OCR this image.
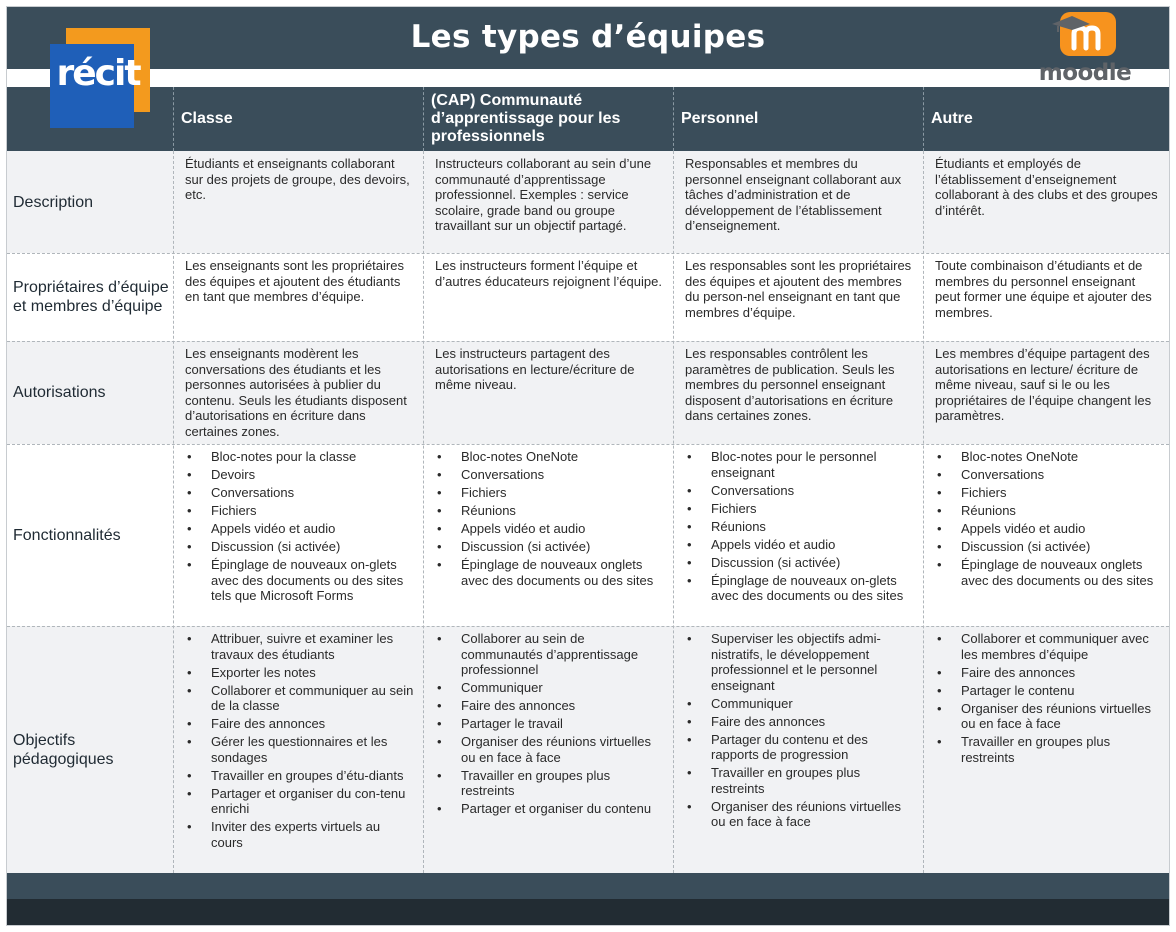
Les types d’équipes
Classe
(CAP) Communauté d’apprentissage pour les professionnels
Personnel	Autre
Description

Étudiants et enseignants collaborant sur des projets de groupe, des devoirs, etc.

Instructeurs collaborant au sein d’une communauté d’apprentissage professionnel. Exemples : service scolaire, grade band ou groupe travaillant sur un objectif partagé.

Responsables et membres du personnel enseignant collaborant aux tâches d’administration et de développement de l’établissement d’enseignement.

Étudiants et employés de l’établissement d’enseignement collaborant à des clubs et des groupes d’intérêt.

Propriétaires d’équipe et membres d’équipe

Les enseignants sont les propriétaires des équipes et ajoutent des étudiants en tant que membres d’équipe.

Les instructeurs forment l’équipe et d’autres éducateurs rejoignent l’équipe.

Les responsables sont les propriétaires des équipes et ajoutent des membres du person-nel enseignant en tant que membres d’équipe.

Toute combinaison d’étudiants et de membres du personnel enseignant peut former une équipe et ajouter des membres.

Autorisations

Les enseignants modèrent les conversations des étudiants et les personnes autorisées à publier du contenu. Seuls les étudiants disposent d’autorisations en écriture dans certaines zones.

Les instructeurs partagent des autorisations en lecture/écriture de même niveau.

Les responsables contrôlent les paramètres de publication. Seuls les membres du personnel enseignant disposent d’autorisations en écriture dans certaines zones.

Les membres d’équipe partagent des autorisations en lecture/ écriture de même niveau, sauf si le ou les propriétaires de l’équipe changent les paramètres.

Fonctionnalités
• Bloc-notes pour la classe
• Devoirs
• Conversations
• Fichiers
• Appels vidéo et audio
• Discussion (si activée)
• Épinglage de nouveaux on-glets avec des documents ou des sites tels que Microsoft Forms
• Bloc-notes OneNote
• Conversations
• Fichiers
• Réunions
• Appels vidéo et audio
• Discussion (si activée)
• Épinglage de nouveaux onglets avec des documents ou des sites
• Bloc-notes pour le personnel enseignant
• Conversations
• Fichiers
• Réunions
• Appels vidéo et audio
• Discussion (si activée)
• Épinglage de nouveaux on-glets avec des documents ou des sites
• Bloc-notes OneNote
• Conversations
• Fichiers
• Réunions
• Appels vidéo et audio
• Discussion (si activée)
• Épinglage de nouveaux onglets avec des documents ou des sites
Objectifs pédagogiques
• Attribuer, suivre et examiner les travaux des étudiants
• Exporter les notes
• Collaborer et communiquer au sein de la classe
• Faire des annonces
• Gérer les questionnaires et les sondages
• Travailler en groupes d’étu-diants
• Partager et organiser du con-tenu enrichi
• Inviter des experts virtuels au cours
• Collaborer au sein de communautés d’apprentissage professionnel
• Communiquer
• Faire des annonces
• Partager le travail
• Organiser des réunions virtuelles ou en face à face
• Travailler en groupes plus restreints
• Partager et organiser du contenu
• Superviser les objectifs admi-nistratifs, le développement professionnel et le personnel enseignant
• Communiquer
• Faire des annonces
• Partager du contenu et des rapports de progression
• Travailler en groupes plus restreints
• Organiser des réunions virtuelles ou en face à face
• Collaborer et communiquer avec les membres d’équipe
• Faire des annonces
• Partager le contenu
• Organiser des réunions virtuelles ou en face à face
• Travailler en groupes plus restreints
récit	moodle
